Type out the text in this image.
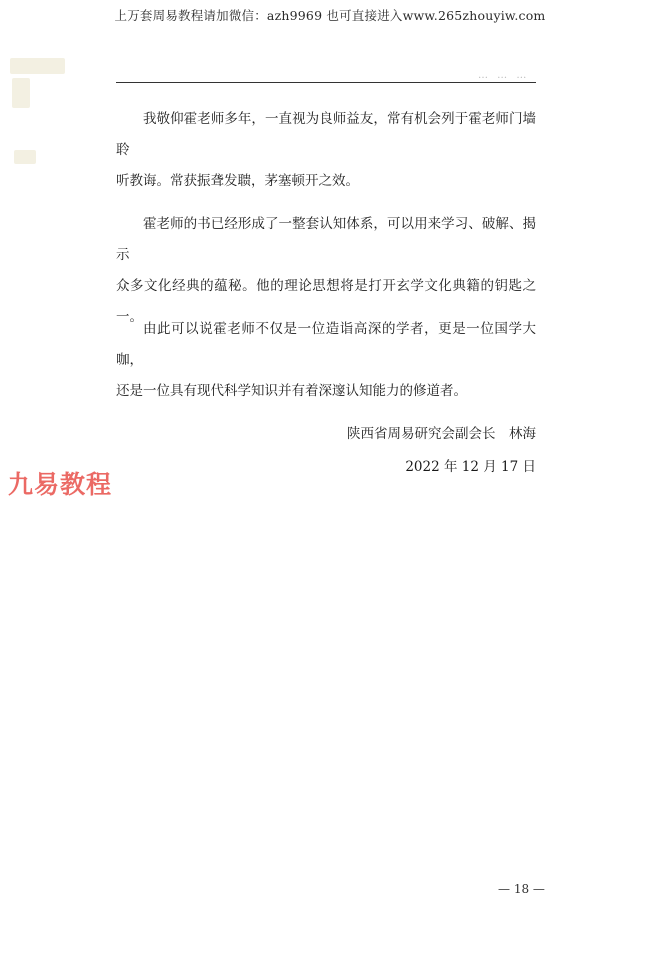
上万套周易教程请加微信：azh9969 也可直接进入www.265zhouyiw.com
… … …
我敬仰霍老师多年，一直视为良师益友，常有机会列于霍老师门墙聆
听教诲。常获振聋发聩，茅塞顿开之效。
霍老师的书已经形成了一整套认知体系，可以用来学习、破解、揭示
众多文化经典的蕴秘。他的理论思想将是打开玄学文化典籍的钥匙之一。
由此可以说霍老师不仅是一位造诣高深的学者，更是一位国学大咖，
还是一位具有现代科学知识并有着深邃认知能力的修道者。
陕西省周易研究会副会长　林海
2022 年 12 月 17 日
九易教程
— 18 —
